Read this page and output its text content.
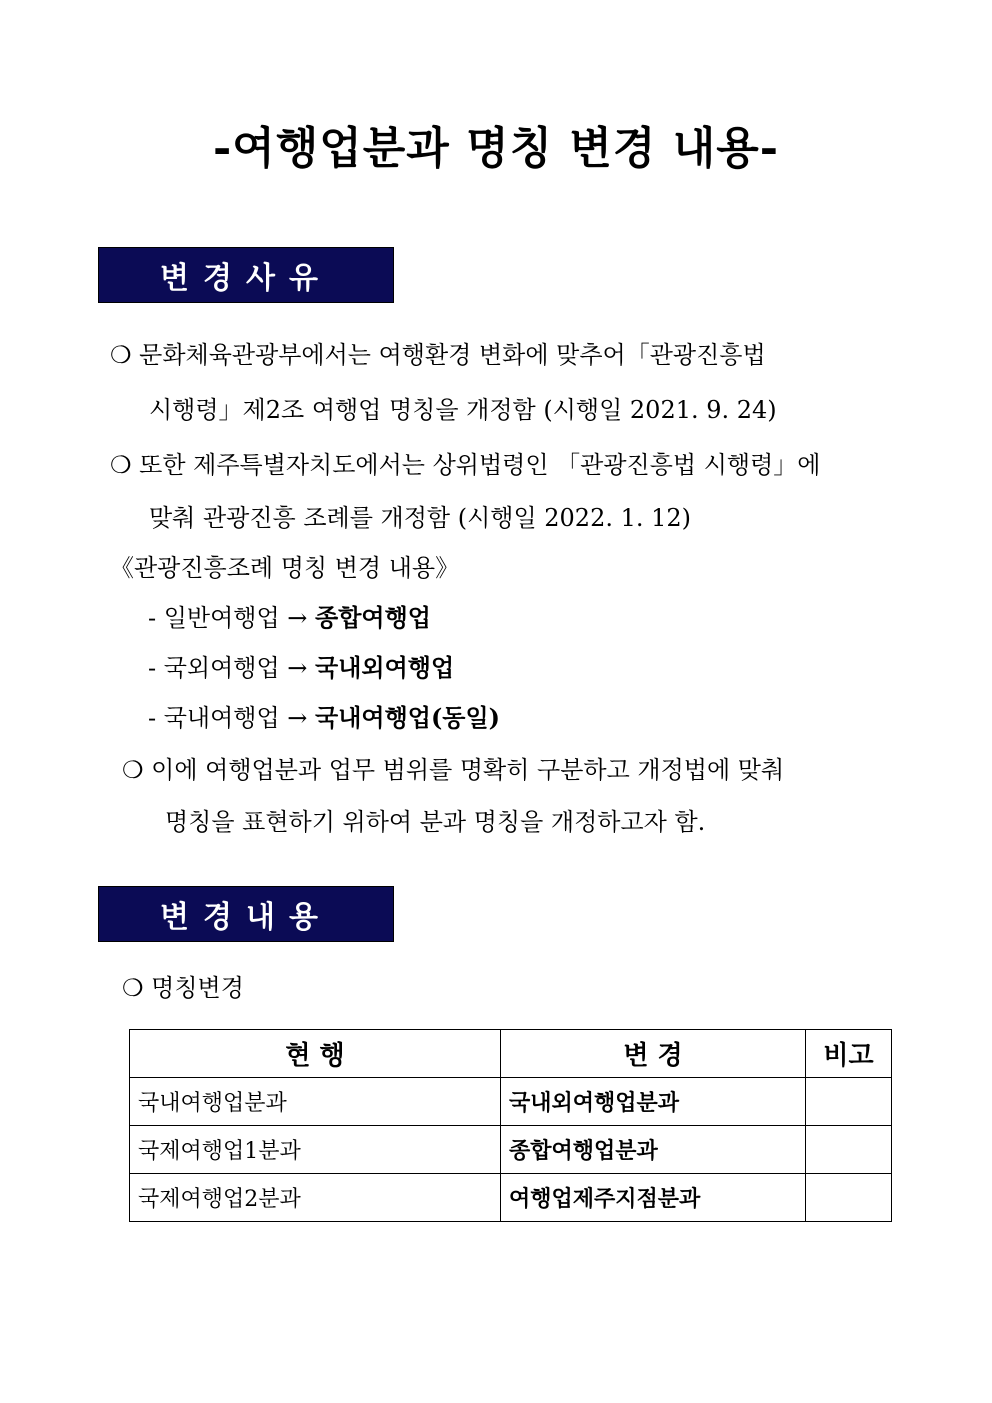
-여행업분과 명칭 변경 내용-
변경사유
❍ 문화체육관광부에서는 여행환경 변화에 맞추어「관광진흥법
시행령」제2조 여행업 명칭을 개정함 (시행일 2021. 9. 24)
❍ 또한 제주특별자치도에서는 상위법령인 「관광진흥법 시행령」에
맞춰 관광진흥 조례를 개정함 (시행일 2022. 1. 12)
《관광진흥조례 명칭 변경 내용》
- 일반여행업 → 종합여행업
- 국외여행업 → 국내외여행업
- 국내여행업 → 국내여행업(동일)
❍ 이에 여행업분과 업무 범위를 명확히 구분하고 개정법에 맞춰
명칭을 표현하기 위하여 분과 명칭을 개정하고자 함.
변경내용
❍ 명칭변경
현 행	변 경	비고
국내여행업분과	국내외여행업분과	
국제여행업1분과	종합여행업분과	
국제여행업2분과	여행업제주지점분과	
